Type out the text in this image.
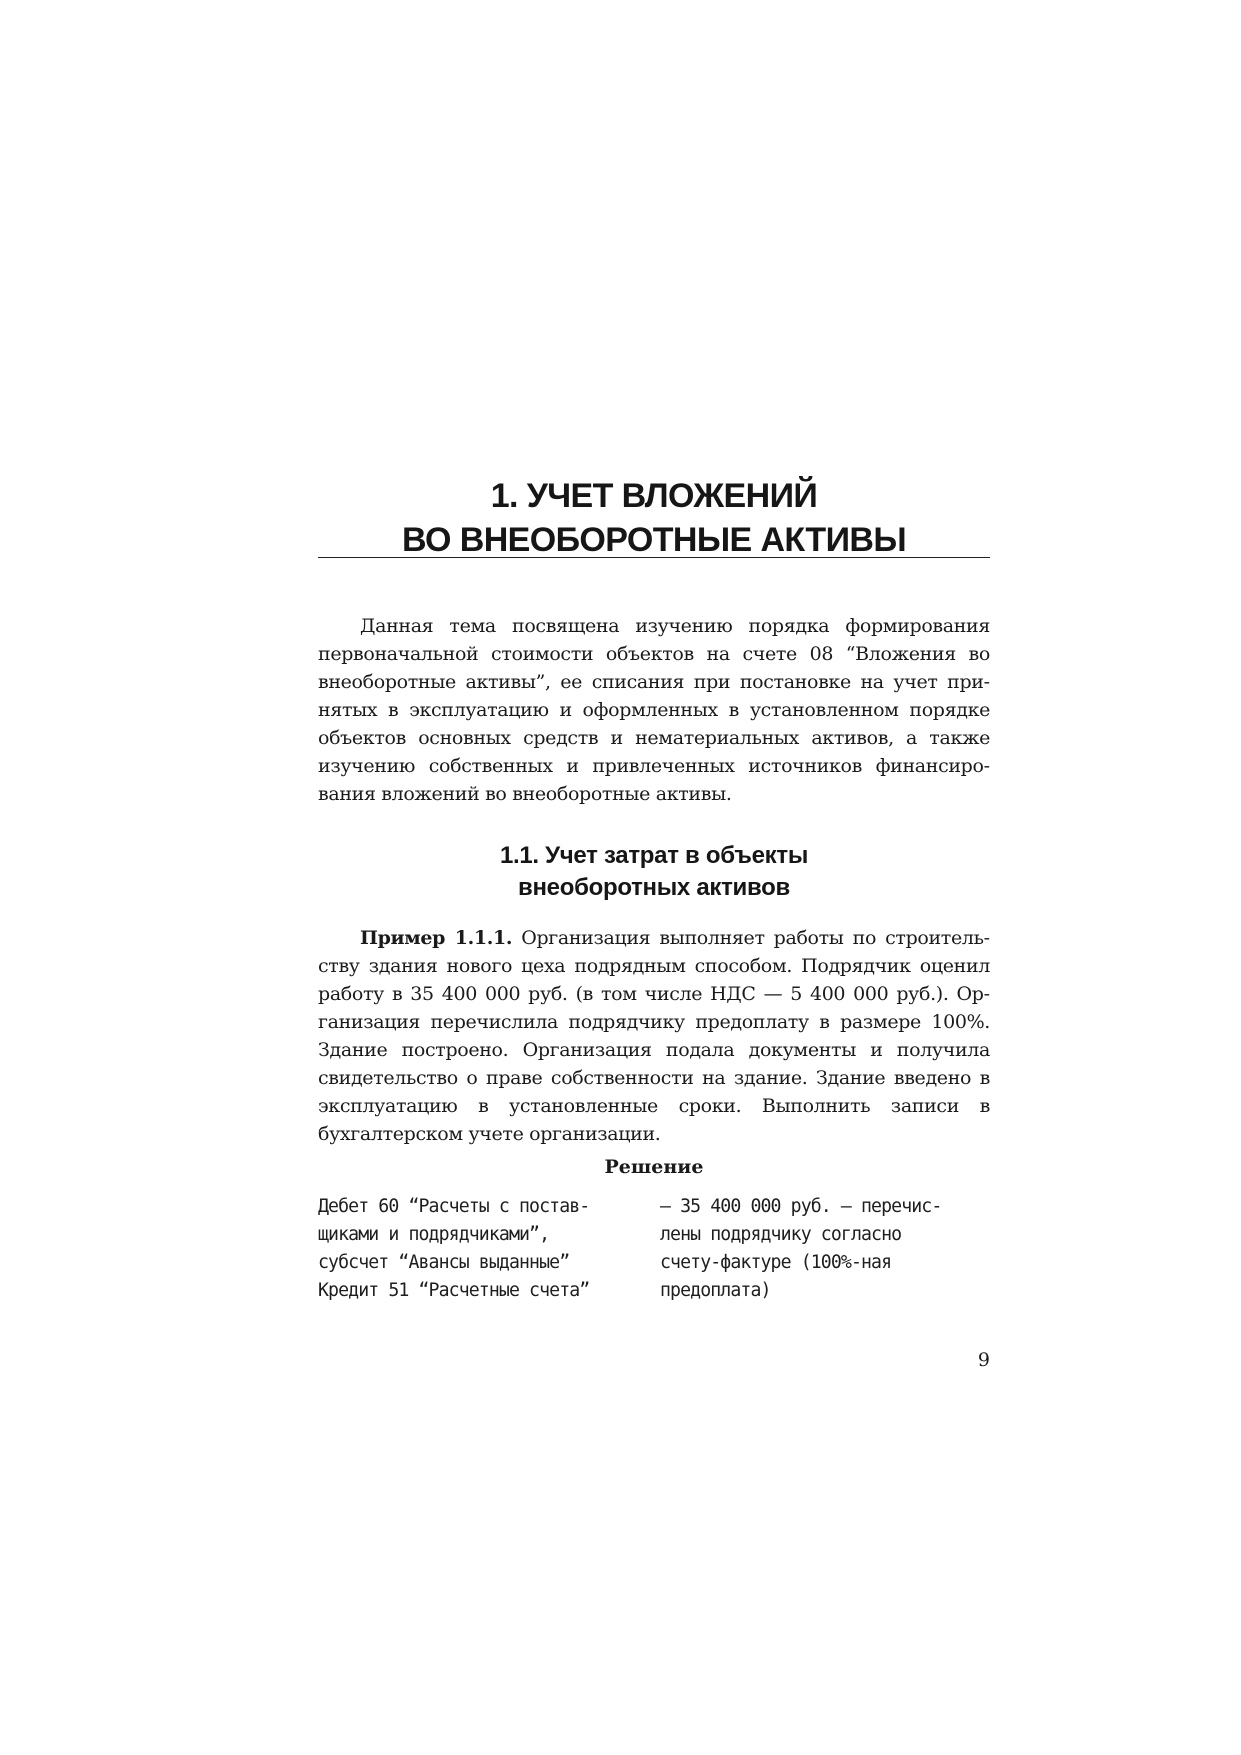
1. УЧЕТ ВЛОЖЕНИЙ
ВО ВНЕОБОРОТНЫЕ АКТИВЫ

Данная тема посвящена изучению порядка формирования первоначальной стоимости объектов на счете 08 “Вложения во внеоборотные активы”, ее списания при постановке на учет принятых в эксплуатацию и оформленных в установленном порядке объектов основных средств и нематериальных активов, а также изучению собственных и привлеченных источников финансирования вложений во внеоборотные активы.

1.1. Учет затрат в объекты
внеоборотных активов

Пример 1.1.1. Организация выполняет работы по строительству здания нового цеха подрядным способом. Подрядчик оценил работу в 35 400 000 руб. (в том числе НДС — 5 400 000 руб.). Организация перечислила подрядчику предоплату в размере 100%. Здание построено. Организация подала документы и получила свидетельство о праве собственности на здание. Здание введено в эксплуатацию в установленные сроки. Выполнить записи в бухгалтерском учете организации.

Решение
Дебет 60 “Расчеты с постав-
щиками и подрядчиками”,
субсчет “Авансы выданные”
Кредит 51 “Расчетные счета”
— 35 400 000 руб. — перечис-
лены подрядчику согласно
счету-фактуре (100%-ная
предоплата)
9
